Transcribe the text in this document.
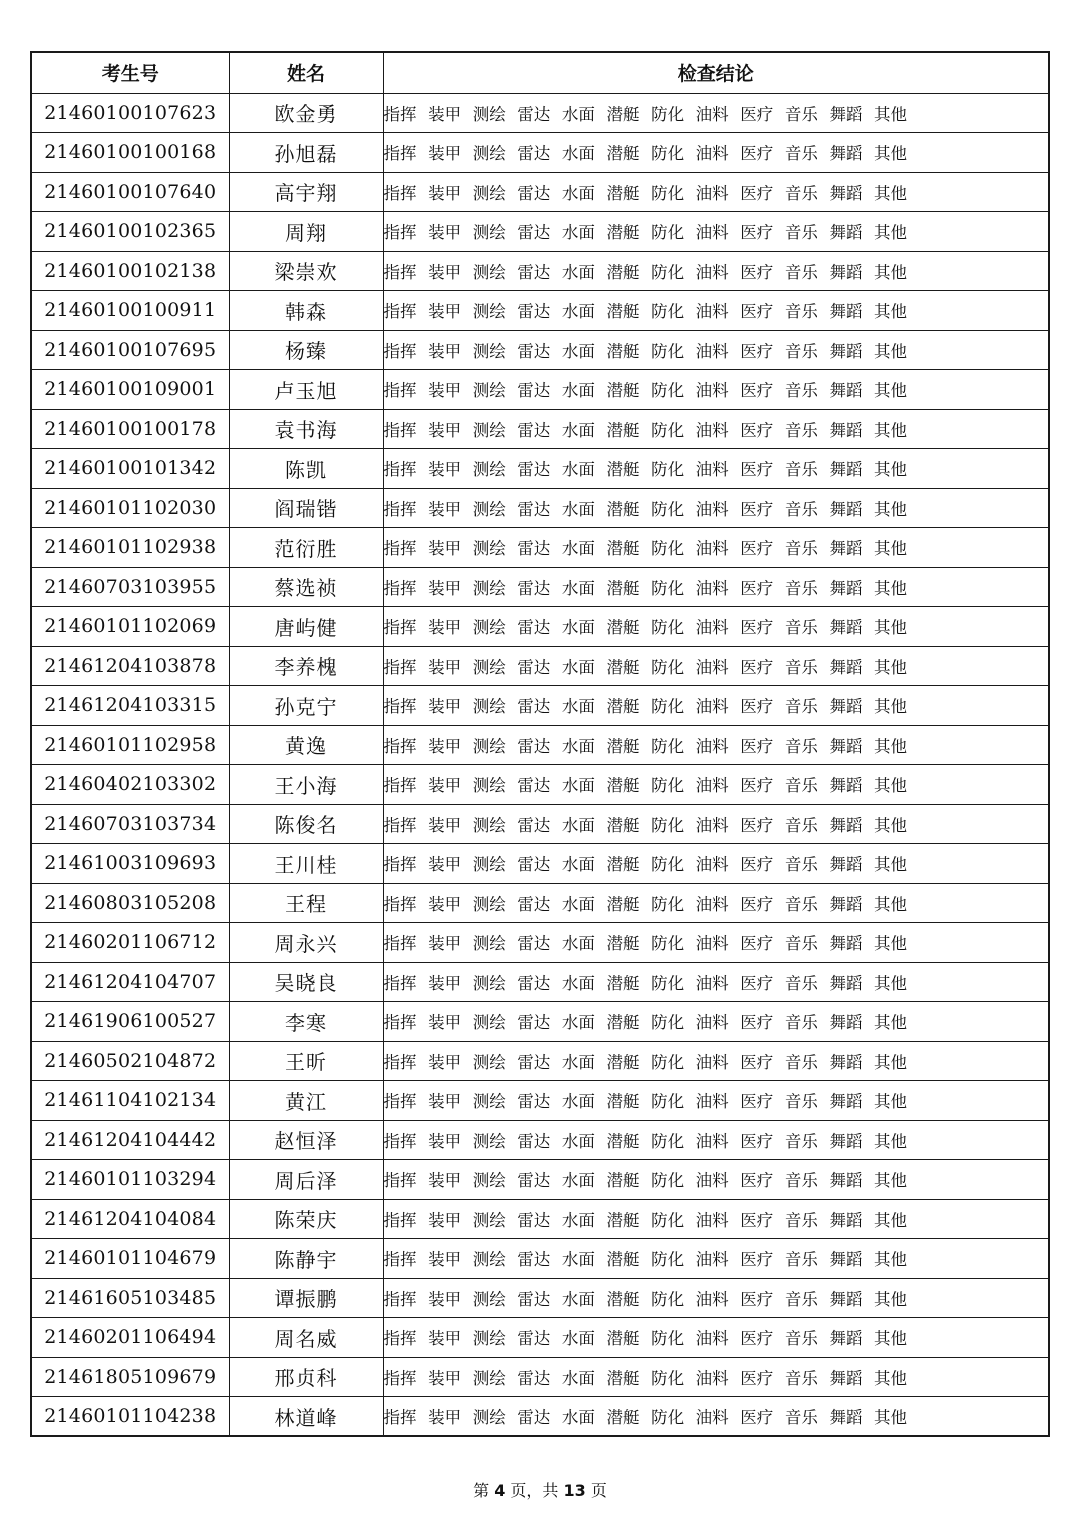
考生号	姓名	检查结论
21460100107623	欧金勇	指挥 装甲 测绘 雷达 水面 潜艇 防化 油料 医疗 音乐 舞蹈 其他
21460100100168	孙旭磊	指挥 装甲 测绘 雷达 水面 潜艇 防化 油料 医疗 音乐 舞蹈 其他
21460100107640	高宇翔	指挥 装甲 测绘 雷达 水面 潜艇 防化 油料 医疗 音乐 舞蹈 其他
21460100102365	周翔	指挥 装甲 测绘 雷达 水面 潜艇 防化 油料 医疗 音乐 舞蹈 其他
21460100102138	梁崇欢	指挥 装甲 测绘 雷达 水面 潜艇 防化 油料 医疗 音乐 舞蹈 其他
21460100100911	韩森	指挥 装甲 测绘 雷达 水面 潜艇 防化 油料 医疗 音乐 舞蹈 其他
21460100107695	杨臻	指挥 装甲 测绘 雷达 水面 潜艇 防化 油料 医疗 音乐 舞蹈 其他
21460100109001	卢玉旭	指挥 装甲 测绘 雷达 水面 潜艇 防化 油料 医疗 音乐 舞蹈 其他
21460100100178	袁书海	指挥 装甲 测绘 雷达 水面 潜艇 防化 油料 医疗 音乐 舞蹈 其他
21460100101342	陈凯	指挥 装甲 测绘 雷达 水面 潜艇 防化 油料 医疗 音乐 舞蹈 其他
21460101102030	阎瑞锴	指挥 装甲 测绘 雷达 水面 潜艇 防化 油料 医疗 音乐 舞蹈 其他
21460101102938	范衍胜	指挥 装甲 测绘 雷达 水面 潜艇 防化 油料 医疗 音乐 舞蹈 其他
21460703103955	蔡选祯	指挥 装甲 测绘 雷达 水面 潜艇 防化 油料 医疗 音乐 舞蹈 其他
21460101102069	唐屿健	指挥 装甲 测绘 雷达 水面 潜艇 防化 油料 医疗 音乐 舞蹈 其他
21461204103878	李养槐	指挥 装甲 测绘 雷达 水面 潜艇 防化 油料 医疗 音乐 舞蹈 其他
21461204103315	孙克宁	指挥 装甲 测绘 雷达 水面 潜艇 防化 油料 医疗 音乐 舞蹈 其他
21460101102958	黄逸	指挥 装甲 测绘 雷达 水面 潜艇 防化 油料 医疗 音乐 舞蹈 其他
21460402103302	王小海	指挥 装甲 测绘 雷达 水面 潜艇 防化 油料 医疗 音乐 舞蹈 其他
21460703103734	陈俊名	指挥 装甲 测绘 雷达 水面 潜艇 防化 油料 医疗 音乐 舞蹈 其他
21461003109693	王川桂	指挥 装甲 测绘 雷达 水面 潜艇 防化 油料 医疗 音乐 舞蹈 其他
21460803105208	王程	指挥 装甲 测绘 雷达 水面 潜艇 防化 油料 医疗 音乐 舞蹈 其他
21460201106712	周永兴	指挥 装甲 测绘 雷达 水面 潜艇 防化 油料 医疗 音乐 舞蹈 其他
21461204104707	吴晓良	指挥 装甲 测绘 雷达 水面 潜艇 防化 油料 医疗 音乐 舞蹈 其他
21461906100527	李寒	指挥 装甲 测绘 雷达 水面 潜艇 防化 油料 医疗 音乐 舞蹈 其他
21460502104872	王昕	指挥 装甲 测绘 雷达 水面 潜艇 防化 油料 医疗 音乐 舞蹈 其他
21461104102134	黄江	指挥 装甲 测绘 雷达 水面 潜艇 防化 油料 医疗 音乐 舞蹈 其他
21461204104442	赵恒泽	指挥 装甲 测绘 雷达 水面 潜艇 防化 油料 医疗 音乐 舞蹈 其他
21460101103294	周后泽	指挥 装甲 测绘 雷达 水面 潜艇 防化 油料 医疗 音乐 舞蹈 其他
21461204104084	陈荣庆	指挥 装甲 测绘 雷达 水面 潜艇 防化 油料 医疗 音乐 舞蹈 其他
21460101104679	陈静宇	指挥 装甲 测绘 雷达 水面 潜艇 防化 油料 医疗 音乐 舞蹈 其他
21461605103485	谭振鹏	指挥 装甲 测绘 雷达 水面 潜艇 防化 油料 医疗 音乐 舞蹈 其他
21460201106494	周名威	指挥 装甲 测绘 雷达 水面 潜艇 防化 油料 医疗 音乐 舞蹈 其他
21461805109679	邢贞科	指挥 装甲 测绘 雷达 水面 潜艇 防化 油料 医疗 音乐 舞蹈 其他
21460101104238	林道峰	指挥 装甲 测绘 雷达 水面 潜艇 防化 油料 医疗 音乐 舞蹈 其他
第 4 页，共 13 页
